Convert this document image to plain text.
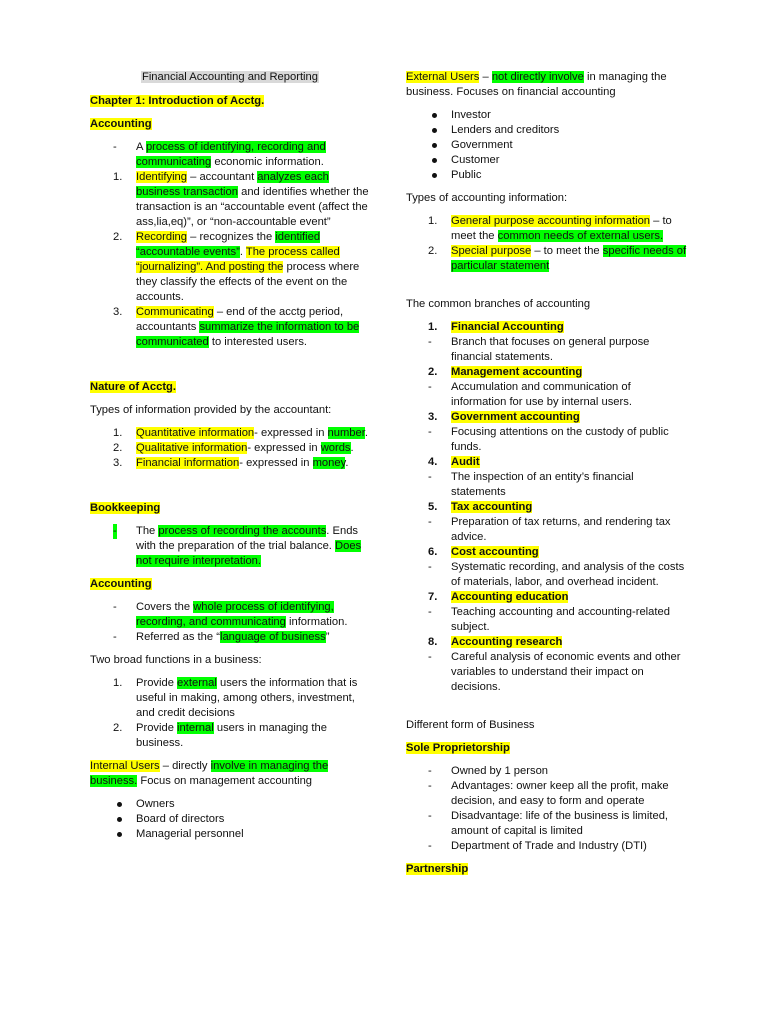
Financial Accounting and Reporting

Chapter 1: Introduction of Acctg.

Accounting

- A process of identifying, recording and communicating economic information.

1. Identifying – accountant analyzes each business transaction and identifies whether the transaction is an “accountable event (affect the ass,lia,eq)”, or “non-accountable event”

2. Recording – recognizes the identified “accountable events”. The process called “journalizing”. And posting the process where they classify the effects of the event on the accounts.

3. Communicating – end of the acctg period, accountants summarize the information to be communicated to interested users.

Nature of Acctg.

Types of information provided by the accountant:

1. Quantitative information- expressed in number.

2. Qualitative information- expressed in words.

3. Financial information- expressed in money.

Bookkeeping

- The process of recording the accounts. Ends with the preparation of the trial balance. Does not require interpretation.

Accounting

- Covers the whole process of identifying, recording, and communicating information.

- Referred as the “language of business”

Two broad functions in a business:

1. Provide external users the information that is useful in making, among others, investment, and credit decisions

2. Provide internal users in managing the business.

Internal Users – directly involve in managing the business. Focus on management accounting

Owners

Board of directors

Managerial personnel

External Users – not directly involve in managing the business. Focuses on financial accounting

Investor

Lenders and creditors

Government

Customer

Public

Types of accounting information:

1. General purpose accounting information – to meet the common needs of external users.

2. Special purpose – to meet the specific needs of particular statement

The common branches of accounting

1. Financial Accounting

- Branch that focuses on general purpose financial statements.

2. Management accounting

- Accumulation and communication of information for use by internal users.

3. Government accounting

- Focusing attentions on the custody of public funds.

4. Audit

- The inspection of an entity’s financial statements

5. Tax accounting

- Preparation of tax returns, and rendering tax advice.

6. Cost accounting

- Systematic recording, and analysis of the costs of materials, labor, and overhead incident.

7. Accounting education

- Teaching accounting and accounting-related subject.

8. Accounting research

- Careful analysis of economic events and other variables to understand their impact on decisions.

Different form of Business

Sole Proprietorship

- Owned by 1 person

- Advantages: owner keep all the profit, make decision, and easy to form and operate

- Disadvantage: life of the business is limited, amount of capital is limited

- Department of Trade and Industry (DTI)

Partnership
